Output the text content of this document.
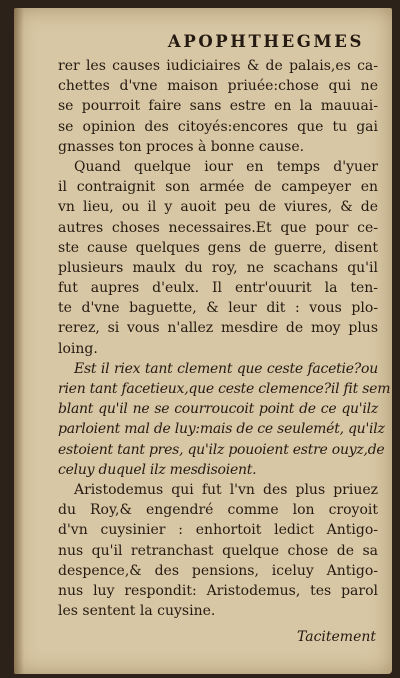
APOPHTHEGMES
rer les causes iudiciaires & de palais,es ca-
chettes d'vne maison priuée:chose qui ne
se pourroit faire sans estre en la mauuai-
se opinion des citoyés:encores que tu gai
gnasses ton proces à bonne cause.
Quand quelque iour en temps d'yuer
il contraignit son armée de campeyer en
vn lieu, ou il y auoit peu de viures, & de
autres choses necessaires.Et que pour ce-
ste cause quelques gens de guerre, disent
plusieurs maulx du roy, ne scachans qu'il
fut aupres d'eulx. Il entr'ouurit la ten-
te d'vne baguette, & leur dit : vous plo-
rerez, si vous n'allez mesdire de moy plus
loing.
Est il riex tant clement que ceste facetie?ou
rien tant facetieux,que ceste clemence?il fit sem
blant qu'il ne se courroucoit point de ce qu'ilz
parloient mal de luy:mais de ce seulemét, qu'ilz
estoient tant pres, qu'ilz pouoient estre ouyz,de
celuy duquel ilz mesdisoient.
Aristodemus qui fut l'vn des plus priuez
du Roy,& engendré comme lon croyoit
d'vn cuysinier : enhortoit ledict Antigo-
nus qu'il retranchast quelque chose de sa
despence,& des pensions, iceluy Antigo-
nus luy respondit: Aristodemus, tes parol
les sentent la cuysine.
Tacitement
